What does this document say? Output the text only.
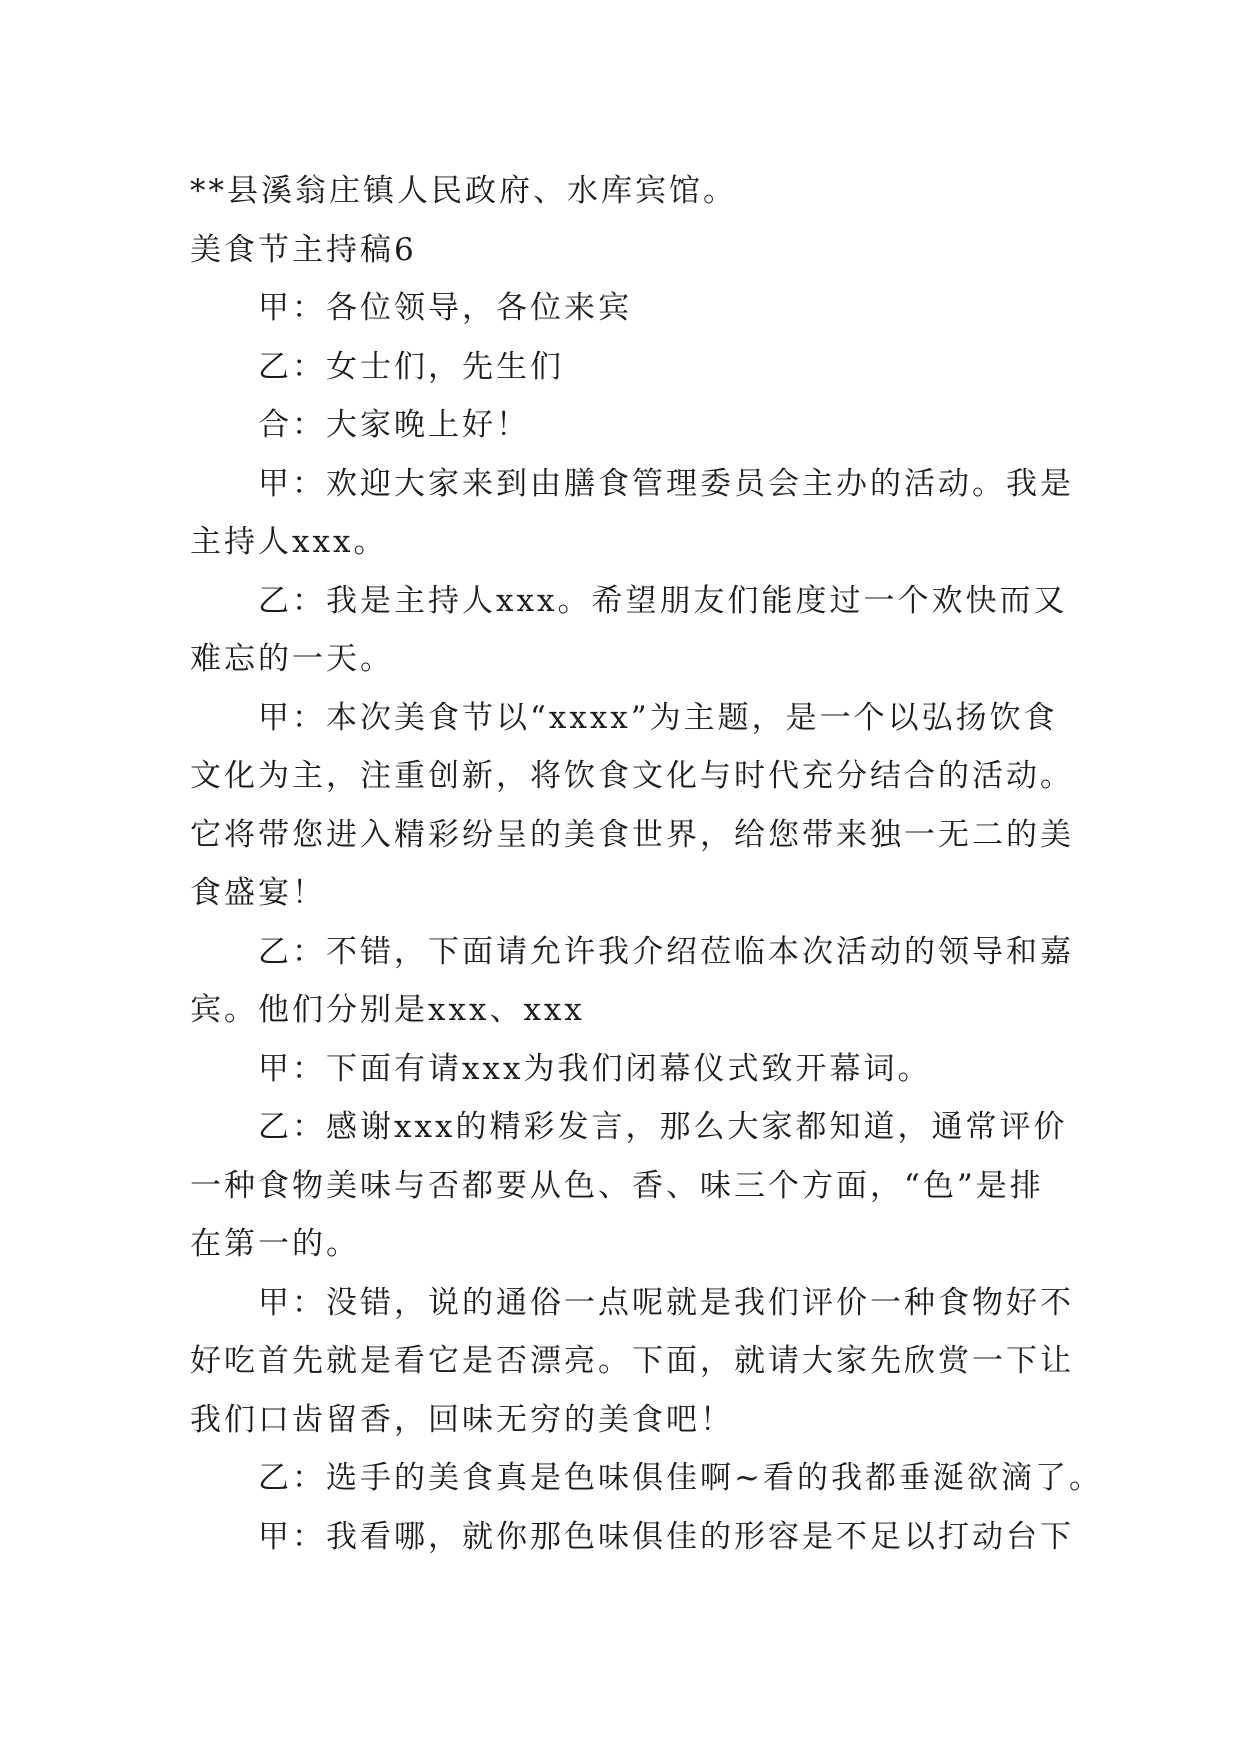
**县溪翁庄镇人民政府、水库宾馆。
美食节主持稿6
甲：各位领导，各位来宾
乙：女士们，先生们
合：大家晚上好！
甲：欢迎大家来到由膳食管理委员会主办的活动。我是
主持人xxx。
乙：我是主持人xxx。希望朋友们能度过一个欢快而又
难忘的一天。
甲：本次美食节以“xxxx”为主题，是一个以弘扬饮食
文化为主，注重创新，将饮食文化与时代充分结合的活动。
它将带您进入精彩纷呈的美食世界，给您带来独一无二的美
食盛宴！
乙：不错，下面请允许我介绍莅临本次活动的领导和嘉
宾。他们分别是xxx、xxx
甲：下面有请xxx为我们闭幕仪式致开幕词。
乙：感谢xxx的精彩发言，那么大家都知道，通常评价
一种食物美味与否都要从色、香、味三个方面，“色”是排
在第一的。
甲：没错，说的通俗一点呢就是我们评价一种食物好不
好吃首先就是看它是否漂亮。下面，就请大家先欣赏一下让
我们口齿留香，回味无穷的美食吧！
乙：选手的美食真是色味俱佳啊~看的我都垂涎欲滴了。
甲：我看哪，就你那色味俱佳的形容是不足以打动台下
